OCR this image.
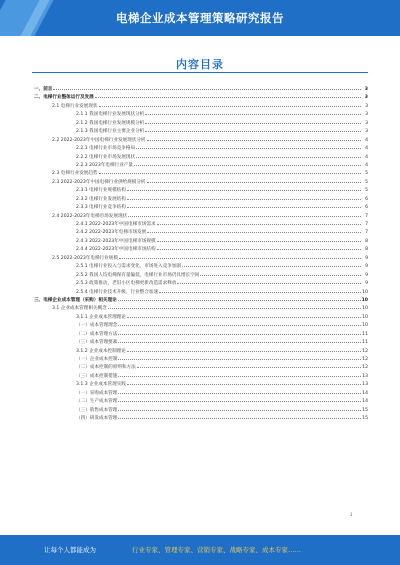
电梯企业成本管理策略研究报告
内容目录
一、前言	3
二、电梯行业整体运行及发展	3
2.1 电梯行业发展现状	3
2.1.1 我国电梯行业发展现状分析	3
2.1.2 我国电梯行业发展规模分析	3
2.1.3 我国电梯行业主要企业分析	3
2.2 2022-2023年中国电梯行业发展现状分析	4
2.2.1 电梯行业市场竞争格局	4
2.2.2 电梯行业市场发展现状	4
2.2.3 2023年电梯行业产量	4
2.3 电梯行业发展趋势	5
2.3 2022-2023年中国电梯行业供给规模分析	5
2.3.1 电梯行业规模结构	5
2.3.2 电梯行业发展结构	6
2.3.3 电梯行业竞争结构	6
2.4 2022-2023年电梯市场发展现状	7
2.4.1 2022-2023年中国电梯市场需求	7
2.4.2 2022-2023年电梯市场发展	7
2.4.3 2022-2023年中国电梯市场规模	8
2.4.4 2022-2023年中国电梯市场结构	8
2.5 2022-2023年电梯行业规模	9
2.5.1 电梯行业投入与需求变化，市场进入竞争加剧	9
2.5.2 我国人均电梯保有量偏低，电梯行业市场仍具增长空间	9
2.5.3 政策推动，老旧小区电梯更新改造需求释放	9
2.5.4 电梯行业技术升级，行业整合加速	10
三、电梯企业成本管理（采购）相关理论	10
3.1 企业成本管理相关概念	10
3.1.1 企业成本管理理论	10
（一）成本管理理念	10
（二）成本管理方法	11
（三）成本管理要素	11
3.1.2 企业成本控制理论	12
（一）企业成本控制	12
（二）成本控制的原则和方法	12
（三）成本控制措施	13
3.1.3 企业成本管理实践	13
（一）采购成本管理	14
（二）生产成本管理	14
（三）销售成本管理	15
（四）研发成本管理	15
1
让每个人都能成为	行业专家、管理专家、营销专家、战略专家、成本专家……
